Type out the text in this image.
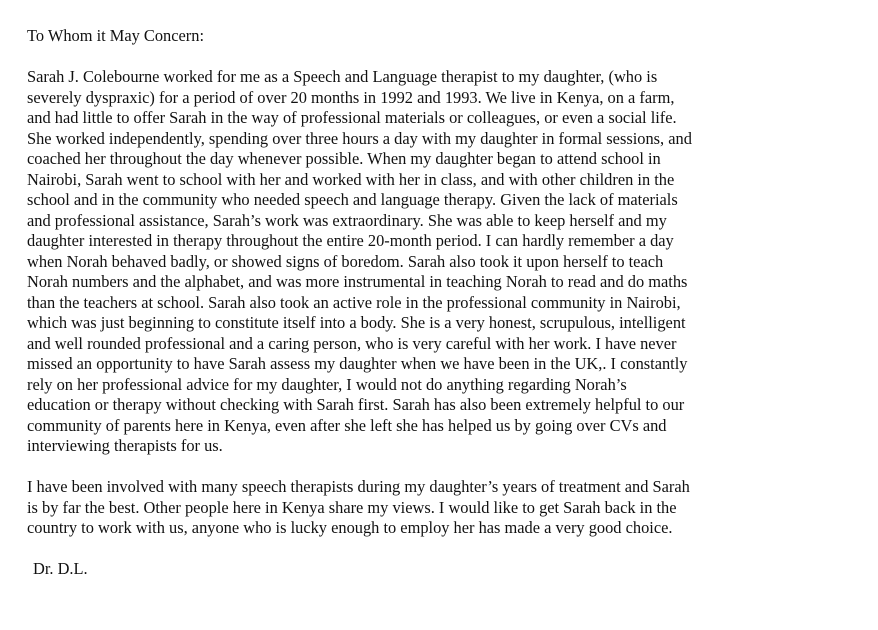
To Whom it May Concern:

Sarah J. Colebourne worked for me as a Speech and Language therapist to my daughter, (who is
severely dyspraxic) for a period of over 20 months in 1992 and 1993. We live in Kenya, on a farm,
and had little to offer Sarah in the way of professional materials or colleagues, or even a social life.
She worked independently, spending over three hours a day with my daughter in formal sessions, and
coached her throughout the day whenever possible. When my daughter began to attend school in
Nairobi, Sarah went to school with her and worked with her in class, and with other children in the
school and in the community who needed speech and language therapy. Given the lack of materials
and professional assistance, Sarah’s work was extraordinary. She was able to keep herself and my
daughter interested in therapy throughout the entire 20-month period. I can hardly remember a day
when Norah behaved badly, or showed signs of boredom. Sarah also took it upon herself to teach
Norah numbers and the alphabet, and was more instrumental in teaching Norah to read and do maths
than the teachers at school. Sarah also took an active role in the professional community in Nairobi,
which was just beginning to constitute itself into a body. She is a very honest, scrupulous, intelligent
and well rounded professional and a caring person, who is very careful with her work. I have never
missed an opportunity to have Sarah assess my daughter when we have been in the UK,. I constantly
rely on her professional advice for my daughter, I would not do anything regarding Norah’s
education or therapy without checking with Sarah first. Sarah has also been extremely helpful to our
community of parents here in Kenya, even after she left she has helped us by going over CVs and
interviewing therapists for us.

I have been involved with many speech therapists during my daughter’s years of treatment and Sarah
is by far the best. Other people here in Kenya share my views. I would like to get Sarah back in the
country to work with us, anyone who is lucky enough to employ her has made a very good choice.

Dr. D.L.
